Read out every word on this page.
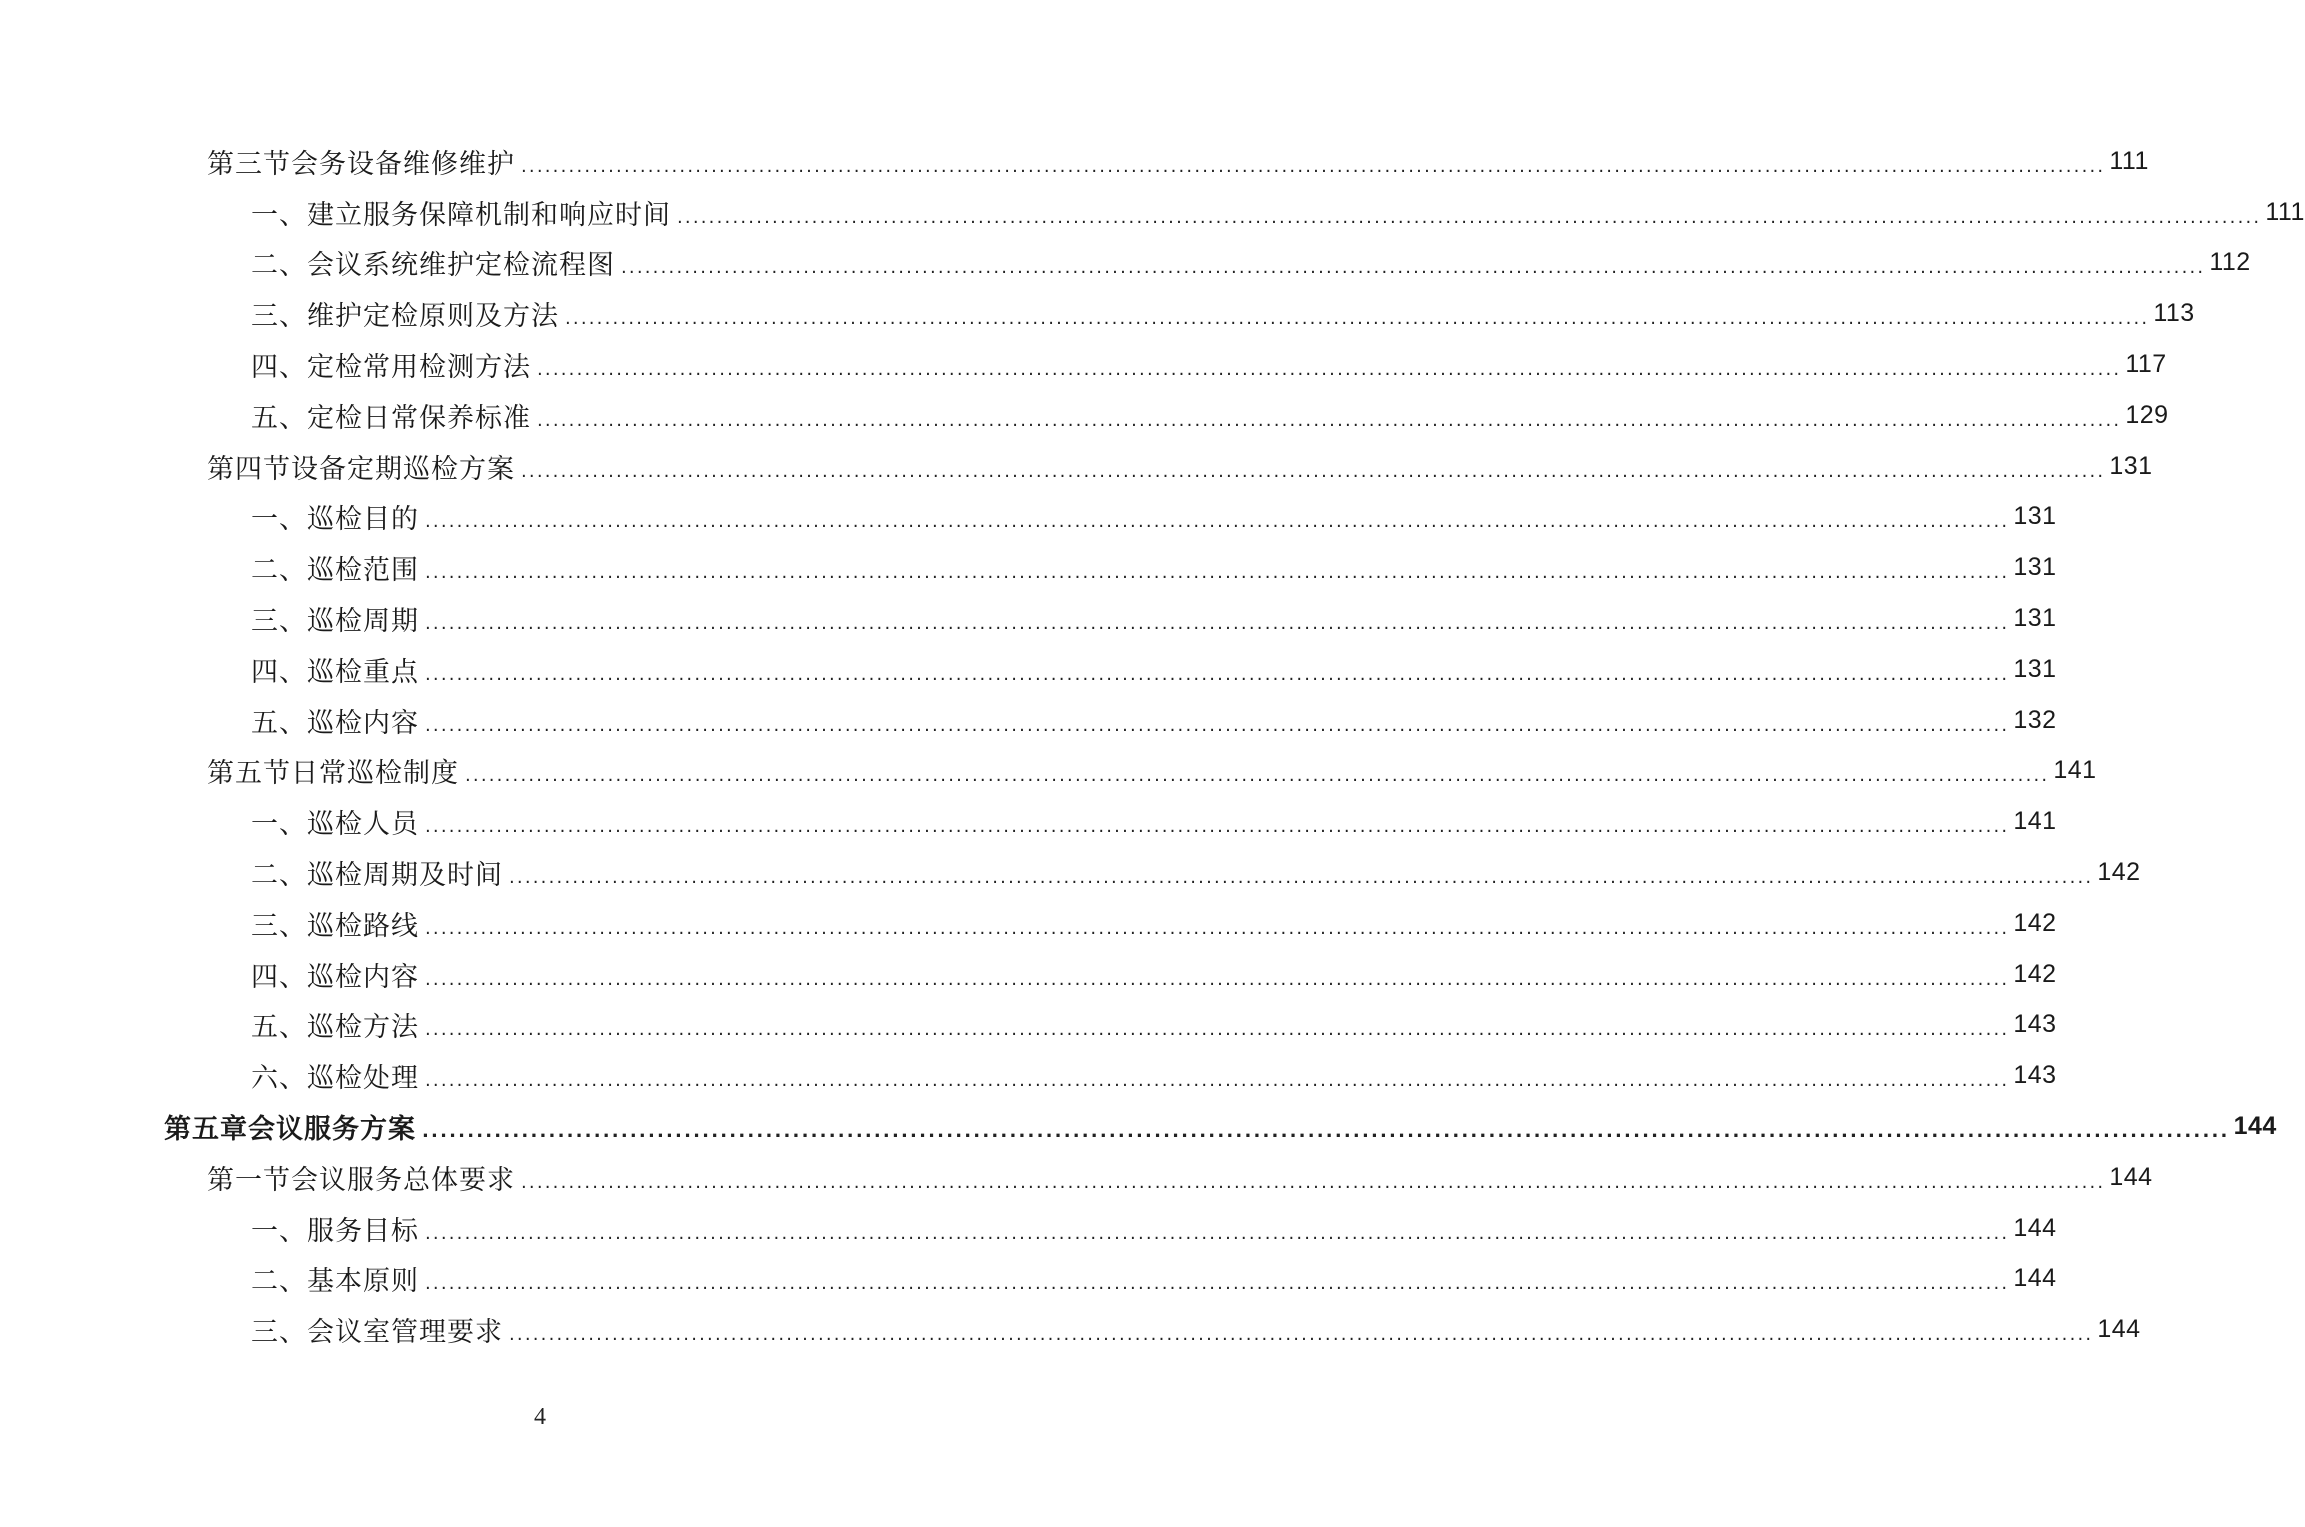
第三节 会务设备维修维护 ........................................................................................................................................................................................................ 111
一、 建立服务保障机制和响应时间 ........................................................................................................................................................................................................ 111
二、 会议系统维护定检流程图 ........................................................................................................................................................................................................ 112
三、 维护定检原则及方法 ........................................................................................................................................................................................................ 113
四、 定检常用检测方法 ........................................................................................................................................................................................................ 117
五、 定检日常保养标准 ........................................................................................................................................................................................................ 129
第四节 设备定期巡检方案 ........................................................................................................................................................................................................ 131
一、 巡检目的 ........................................................................................................................................................................................................ 131
二、 巡检范围 ........................................................................................................................................................................................................ 131
三、 巡检周期 ........................................................................................................................................................................................................ 131
四、 巡检重点 ........................................................................................................................................................................................................ 131
五、 巡检内容 ........................................................................................................................................................................................................ 132
第五节 日常巡检制度 ........................................................................................................................................................................................................ 141
一、 巡检人员 ........................................................................................................................................................................................................ 141
二、 巡检周期及时间 ........................................................................................................................................................................................................ 142
三、 巡检路线 ........................................................................................................................................................................................................ 142
四、 巡检内容 ........................................................................................................................................................................................................ 142
五、 巡检方法 ........................................................................................................................................................................................................ 143
六、 巡检处理 ........................................................................................................................................................................................................ 143
第五章 会议服务方案 ........................................................................................................................................................................................................ 144
第一节 会议服务总体要求 ........................................................................................................................................................................................................ 144
一、 服务目标 ........................................................................................................................................................................................................ 144
二、 基本原则 ........................................................................................................................................................................................................ 144
三、 会议室管理要求 ........................................................................................................................................................................................................ 144
4
